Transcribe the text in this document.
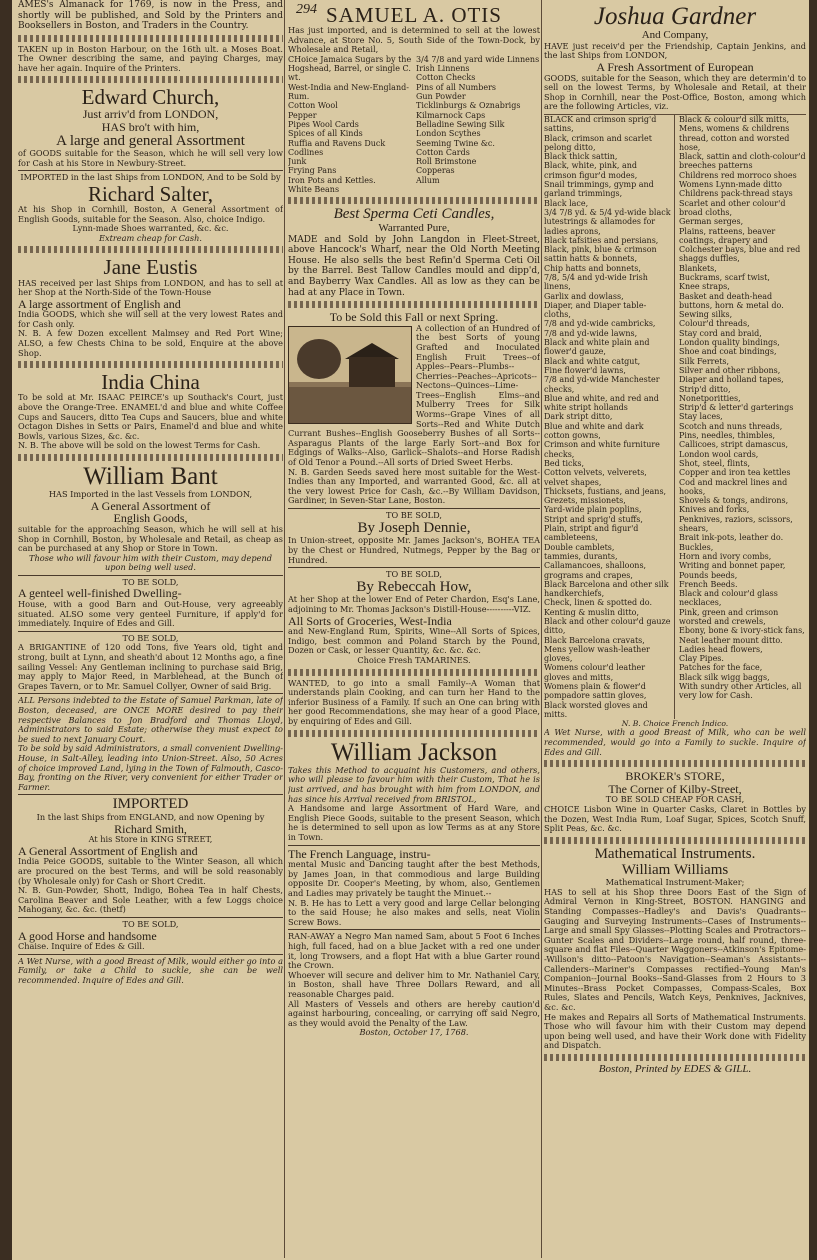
294

AMES's Almanack for 1769, is now in the Press, and shortly will be published, and Sold by the Printers and Booksellers in Boston, and Traders in the Country.

TAKEN up in Boston Harbour, on the 16th ult. a Moses Boat. The Owner describing the same, and paying Charges, may have her again. Inquire of the Printers.

Edward Church,

Just arriv'd from LONDON,

HAS bro't with him,

A large and general Assortment

of GOODS suitable for the Season, which he will sell very low for Cash at his Store in Newbury-Street.

IMPORTED in the last Ships from LONDON, And to be Sold by

Richard Salter,

At his Shop in Cornhill, Boston, A General Assortment of English Goods, suitable for the Season. Also, choice Indigo.

Lynn-made Shoes warranted, &c. &c.

Extream cheap for Cash.

Jane Eustis

HAS received per last Ships from LONDON, and has to sell at her Shop at the North-Side of the Town-House

A large assortment of English and

India GOODS, which she will sell at the very lowest Rates and for Cash only.

N. B. A few Dozen excellent Malmsey and Red Port Wine; ALSO, a few Chests China to be sold, Enquire at the above Shop.

India China

To be sold at Mr. ISAAC PEIRCE's up Southack's Court, just above the Orange-Tree. ENAMEL'd and blue and white Coffee Cups and Saucers, ditto Tea Cups and Saucers, blue and white Octagon Dishes in Setts or Pairs, Enamel'd and blue and white Bowls, various Sizes, &c. &c.

N. B. The above will be sold on the lowest Terms for Cash.

William Bant

HAS Imported in the last Vessels from LONDON,

A General Assortment of

English Goods,

suitable for the approaching Season, which he will sell at his Shop in Cornhill, Boston, by Wholesale and Retail, as cheap as can be purchased at any Shop or Store in Town.

Those who will favour him with their Custom, may depend upon being well used.

TO BE SOLD,

A genteel well-finished Dwelling-

House, with a good Barn and Out-House, very agreeably situated. ALSO some very genteel Furniture, if apply'd for immediately. Inquire of Edes and Gill.

TO BE SOLD,

A BRIGANTINE of 120 odd Tons, five Years old, tight and strong, built at Lynn, and sheath'd about 12 Months ago, a fine sailing Vessel: Any Gentleman inclining to purchase said Brig, may apply to Major Reed, in Marblehead, at the Bunch of Grapes Tavern, or to Mr. Samuel Collyer, Owner of said Brig.

ALL Persons indebted to the Estate of Samuel Parkman, late of Boston, deceased, are ONCE MORE desired to pay their respective Balances to Jon Bradford and Thomas Lloyd, Administrators to said Estate; otherwise they must expect to be sued to next January Court.

To be sold by said Administrators, a small convenient Dwelling-House, in Salt-Alley, leading into Union-Street. Also, 50 Acres of choice improved Land, lying in the Town of Falmouth, Casco-Bay, fronting on the River, very convenient for either Trader or Farmer.

IMPORTED

In the last Ships from ENGLAND, and now Opening by

Richard Smith,

At his Store in KING STREET,

A General Assortment of English and

India Peice GOODS, suitable to the Winter Season, all which are procured on the best Terms, and will be sold reasonably (by Wholesale only) for Cash or Short Credit.

N. B. Gun-Powder, Shott, Indigo, Bohea Tea in half Chests, Carolina Beaver and Sole Leather, with a few Loggs choice Mahogany, &c. &c. (thetf)

TO BE SOLD,

A good Horse and handsome

Chaise. Inquire of Edes & Gill.

A Wet Nurse, with a good Breast of Milk, would either go into a Family, or take a Child to suckle, she can be well recommended. Inquire of Edes and Gill.

SAMUEL A. OTIS

Has just imported, and is determined to sell at the lowest Advance, at Store No. 5, South Side of the Town-Dock, by Wholesale and Retail,

CHoice Jamaica Sugars by the Hogshead, Barrel, or single C. wt.
West-India and New-England-Rum.
Cotton Wool
Pepper
Pipes Wool Cards
Spices of all Kinds
Ruffia and Ravens Duck
Codlines
Junk
Frying Pans
Iron Pots and Kettles.
White Beans
3/4 7/8 and yard wide Linnens
Irish Linnens
Cotton Checks
Pins of all Numbers
Gun Powder
Ticklinburgs & Oznabrigs
Kilmarnock Caps
Belladine Sewing Silk
London Scythes
Seeming Twine &c.
Cotton Cards
Roll Brimstone
Copperas
Allum

Best Sperma Ceti Candles,

Warranted Pure,

MADE and Sold by John Langdon in Fleet-Street, above Hancock's Wharf, near the Old North Meeting House. He also sells the best Refin'd Sperma Ceti Oil by the Barrel. Best Tallow Candles mould and dipp'd, and Bayberry Wax Candles. All as low as they can be had at any Place in Town.

To be Sold this Fall or next Spring.

A collection of an Hundred of the best Sorts of young Grafted and Inoculated English Fruit Trees--of Apples--Pears--Plumbs--Cherries--Peaches--Apricots--Nectons--Quinces--Lime-Trees--English Elms--and Mulberry Trees for Silk Worms--Grape Vines of all Sorts--Red and White Dutch Currant Bushes--English Gooseberry Bushes of all Sorts--Asparagus Plants of the large Early Sort--and Box for Edgings of Walks--Also, Garlick--Shalots--and Horse Radish of Old Tenor a Pound.--All sorts of Dried Sweet Herbs.

N. B. Garden Seeds saved here most suitable for the West-Indies than any Imported, and warranted Good, &c. all at the very lowest Price for Cash, &c.--By William Davidson, Gardiner, in Seven-Star Lane, Boston.

TO BE SOLD,

By Joseph Dennie,

In Union-street, opposite Mr. James Jackson's, BOHEA TEA by the Chest or Hundred, Nutmegs, Pepper by the Bag or Hundred.

TO BE SOLD,

By Rebeccah How,

At her Shop at the lower End of Peter Chardon, Esq's Lane, adjoining to Mr. Thomas Jackson's Distill-House----------VIZ.

All Sorts of Groceries, West-India

and New-England Rum, Spirits, Wine--All Sorts of Spices, Indigo, best common and Poland Starch by the Pound, Dozen or Cask, or lesser Quantity, &c. &c. &c.

Choice Fresh TAMARINES.

WANTED, to go into a small Family--A Woman that understands plain Cooking, and can turn her Hand to the inferior Business of a Family. If such an One can bring with her good Recommendations, she may hear of a good Place, by enquiring of Edes and Gill.

William Jackson

Takes this Method to acquaint his Customers, and others, who will please to favour him with their Custom, That he is just arrived, and has brought with him from LONDON, and has since his Arrival received from BRISTOL,

A Handsome and large Assortment of Hard Ware, and English Piece Goods, suitable to the present Season, which he is determined to sell upon as low Terms as at any Store in Town.

The French Language, instru-

mental Music and Dancing taught after the best Methods, by James Joan, in that commodious and large Building opposite Dr. Cooper's Meeting, by whom, also, Gentlemen and Ladies may privately be taught the Minuet.--

N. B. He has to Lett a very good and large Cellar belonging to the said House; he also makes and sells, neat Violin Screw Bows.

RAN-AWAY a Negro Man named Sam, about 5 Foot 6 Inches high, full faced, had on a blue Jacket with a red one under it, long Trowsers, and a flopt Hat with a blue Garter round the Crown.

Whoever will secure and deliver him to Mr. Nathaniel Cary, in Boston, shall have Three Dollars Reward, and all reasonable Charges paid.

All Masters of Vessels and others are hereby caution'd against harbouring, concealing, or carrying off said Negro, as they would avoid the Penalty of the Law.

Boston, October 17, 1768.

Joshua Gardner

And Company,

HAVE just receiv'd per the Friendship, Captain Jenkins, and the last Ships from LONDON,

A Fresh Assortment of European

GOODS, suitable for the Season, which they are determin'd to sell on the lowest Terms, by Wholesale and Retail, at their Shop in Cornhill, near the Post-Office, Boston, among which are the following Articles, viz.

BLACK and crimson sprig'd sattins,
Black, crimson and scarlet pelong ditto,
Black thick sattin,
Black, white, pink, and crimson figur'd modes,
Snail trimmings, gymp and garland trimmings,
Black lace,
3/4 7/8 yd. & 5/4 yd-wide black lutestrings & allamodes for ladies aprons,
Black tafsities and persians,
Black, pink, blue & crimson sattin hatts & bonnets,
Chip hatts and bonnets,
7/8, 5/4 and yd-wide Irish linens,
Garlix and dowlass,
Diaper, and Diaper table-cloths,
7/8 and yd-wide cambricks,
7/8 and yd-wide lawns,
Black and white plain and flower'd gauze,
Black and white catgut,
Fine flower'd lawns,
7/8 and yd-wide Manchester checks,
Blue and white, and red and white stript hollands
Dark stript ditto,
Blue and white and dark cotton gowns,
Crimson and white furniture checks,
Bed ticks,
Cotton velvets, velverets, velvet shapes,
Thicksets, fustians, and jeans,
Grezets, missionets,
Yard-wide plain poplins,
Stript and sprig'd stuffs,
Plain, stript and figur'd cambleteens,
Double camblets,
tammies, durants,
Callamancoes, shalloons, grograms and crapes,
Black Barcelona and other silk handkerchiefs,
Check, linen & spotted do.
Kenting & muslin ditto,
Black and other colour'd gauze ditto,
Black Barcelona cravats,
Mens yellow wash-leather gloves,
Womens colour'd leather gloves and mitts,
Womens plain & flower'd pompadore sattin gloves,
Black worsted gloves and mitts.
Black & colour'd silk mitts,
Mens, womens & childrens thread, cotton and worsted hose,
Black, sattin and cloth-colour'd breeches patterns
Childrens red morroco shoes
Womens Lynn-made ditto
Childrens pack-thread stays
Scarlet and other colour'd broad cloths,
German serges,
Plains, ratteens, beaver coatings, drapery and Colchester bays, blue and red shaggs duffles,
Blankets,
Buckrams, scarf twist,
Knee straps,
Basket and death-head buttons, horn & metal do.
Sewing silks,
Colour'd threads,
Stay cord and braid,
London quality bindings,
Shoe and coat bindings,
Silk Ferrets,
Silver and other ribbons,
Diaper and holland tapes,
Strip'd ditto,
Nonetporitties,
Strip'd & letter'd garterings
Stay laces,
Scotch and nuns threads,
Pins, needles, thimbles,
Callicoes, stript damascus,
London wool cards,
Shot, steel, flints,
Copper and iron tea kettles
Cod and mackrel lines and hooks,
Shovels & tongs, andirons,
Knives and forks,
Penknives, raziors, scissors, shears,
Brait ink-pots, leather do.
Buckles,
Horn and ivory combs,
Writing and bonnet paper,
Pounds beeds,
French Beeds.
Black and colour'd glass necklaces,
Pink, green and crimson worsted and crewels,
Ebony, bone & ivory-stick fans,
Neat leather mount ditto.
Ladies head flowers,
Clay Pipes.
Patches for the face,
Black silk wigg baggs,
With sundry other Articles, all very low for Cash.

N. B. Choice French Indico.

A Wet Nurse, with a good Breast of Milk, who can be well recommended, would go into a Family to suckle. Inquire of Edes and Gill.

BROKER's STORE,

The Corner of Kilby-Street,

TO BE SOLD CHEAP FOR CASH,

CHOICE Lisbon Wine in Quarter Casks, Claret in Bottles by the Dozen, West India Rum, Loaf Sugar, Spices, Scotch Snuff, Split Peas, &c. &c.

Mathematical Instruments.

William Williams

Mathematical Instrument-Maker;

HAS to sell at his Shop three Doors East of the Sign of Admiral Vernon in King-Street, BOSTON. HANGING and Standing Compasses--Hadley's and Davis's Quadrants--Gauging and Surveying Instruments--Cases of Instruments--Large and small Spy Glasses--Plotting Scales and Protractors--Gunter Scales and Dividers--Large round, half round, three-square and flat Files--Quarter Waggoners--Atkinson's Epitome--Willson's ditto--Patoon's Navigation--Seaman's Assistants--Callenders--Mariner's Compasses rectified--Young Man's Companion--Journal Books--Sand-Glasses from 2 Hours to 3 Minutes--Brass Pocket Compasses, Compass-Scales, Box Rules, Slates and Pencils, Watch Keys, Penknives, Jacknives, &c. &c.

He makes and Repairs all Sorts of Mathematical Instruments. Those who will favour him with their Custom may depend upon being well used, and have their Work done with Fidelity and Dispatch.

Boston, Printed by EDES & GILL.
